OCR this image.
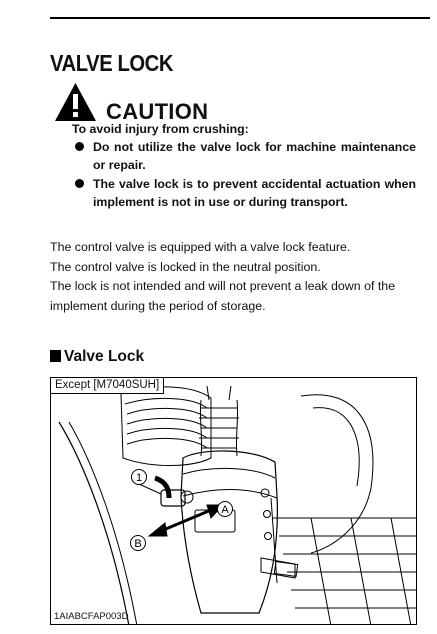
VALVE LOCK
CAUTION
To avoid injury from crushing:
Do not utilize the valve lock for machine maintenance or repair.
The valve lock is to prevent accidental actuation when implement is not in use or during transport.

The control valve is equipped with a valve lock feature.

The control valve is locked in the neutral position.

The lock is not intended and will not prevent a leak down of the implement during the period of storage.

Valve Lock
1
A
B
Except [M7040SUH]
1AIABCFAP003D
